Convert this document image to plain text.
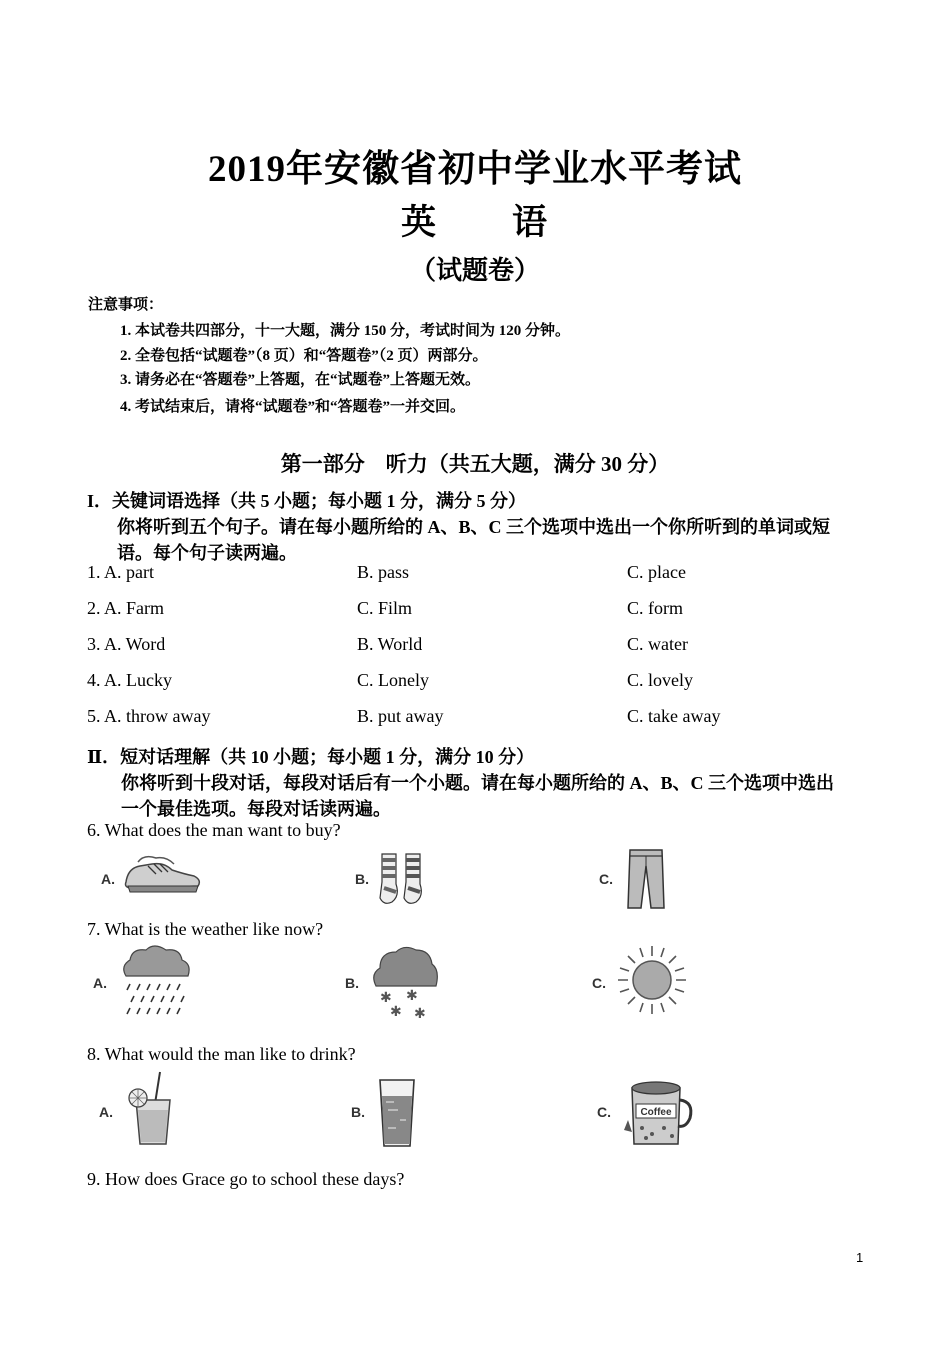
2019年安徽省初中学业水平考试
英　　语
（试题卷）
注意事项：
1. 本试卷共四部分，十一大题，满分 150 分，考试时间为 120 分钟。
2. 全卷包括“试题卷”（8 页）和“答题卷”（2 页）两部分。
3. 请务必在“答题卷”上答题，在“试题卷”上答题无效。
4. 考试结束后，请将“试题卷”和“答题卷”一并交回。
第一部分　听力（共五大题，满分 30 分）
I．关键词语选择（共 5 小题；每小题 1 分，满分 5 分）
你将听到五个句子。请在每小题所给的 A、B、C 三个选项中选出一个你所听到的单词或短
语。每个句子读两遍。
1. A. part	B. pass	C. place
2. A. Farm	C. Film	C. form
3. A. Word	B. World	C. water
4. A. Lucky	C. Lonely	C. lovely
5. A. throw away	B. put away	C. take away
Ⅱ．短对话理解（共 10 小题；每小题 1 分，满分 10 分）
你将听到十段对话，每段对话后有一个小题。请在每小题所给的 A、B、C 三个选项中选出
一个最佳选项。每段对话读两遍。
6. What does the man want to buy?
A.	B.	C.
7. What is the weather like now?
A.	B.
✱ ✱
✱ ✱
C.
8. What would the man like to drink?
A.	B.	C.	Coffee
9. How does Grace go to school these days?
1
